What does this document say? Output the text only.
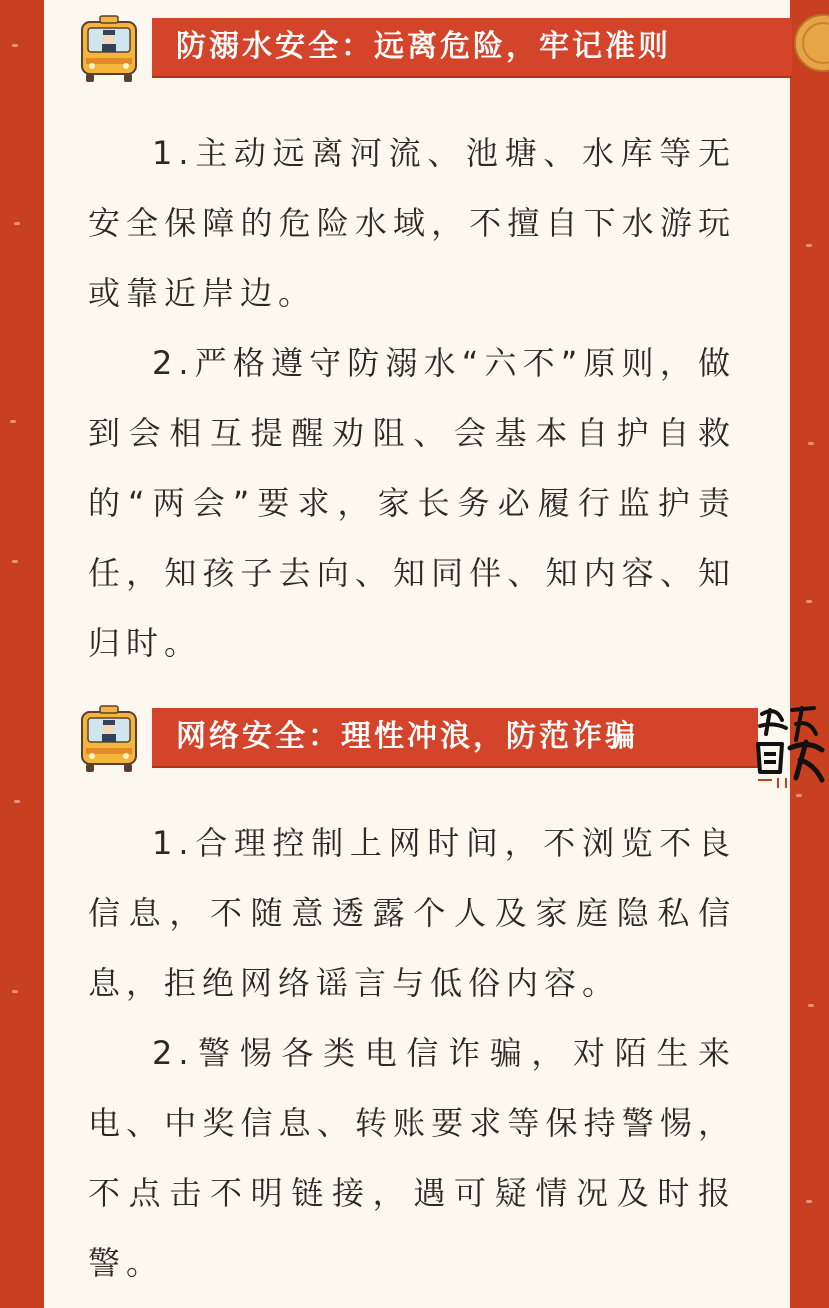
防溺水安全：远离危险，牢记准则

1.主动远离河流、池塘、水库等无安全保障的危险水域，不擅自下水游玩或靠近岸边。

2.严格遵守防溺水“六不”原则，做到会相互提醒劝阻、会基本自护自救的“两会”要求，家长务必履行监护责任，知孩子去向、知同伴、知内容、知归时。

网络安全：理性冲浪，防范诈骗

1.合理控制上网时间，不浏览不良信息，不随意透露个人及家庭隐私信息，拒绝网络谣言与低俗内容。

2.警惕各类电信诈骗，对陌生来电、中奖信息、转账要求等保持警惕，不点击不明链接，遇可疑情况及时报警。
